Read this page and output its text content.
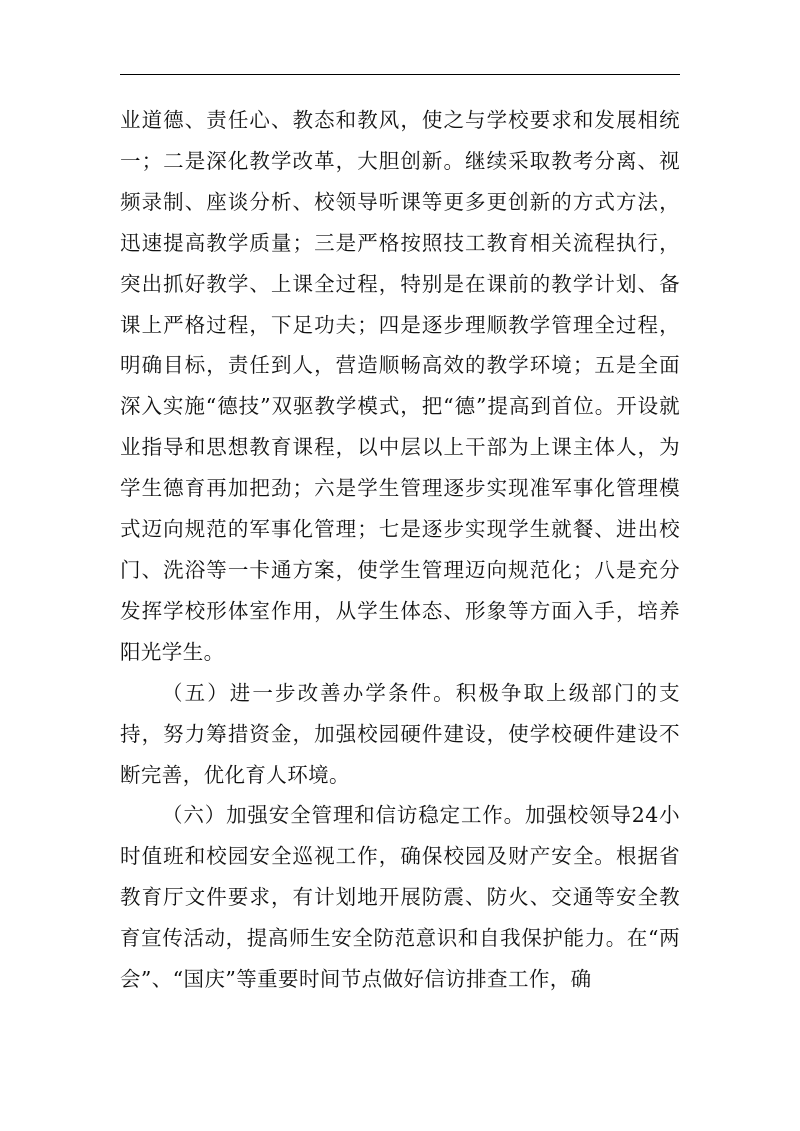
业道德、责任心、教态和教风，使之与学校要求和发展相统一；二是深化教学改革，大胆创新。继续采取教考分离、视频录制、座谈分析、校领导听课等更多更创新的方式方法，迅速提高教学质量；三是严格按照技工教育相关流程执行，突出抓好教学、上课全过程，特别是在课前的教学计划、备课上严格过程，下足功夫；四是逐步理顺教学管理全过程，明确目标，责任到人，营造顺畅高效的教学环境；五是全面深入实施“德技”双驱教学模式，把“德”提高到首位。开设就业指导和思想教育课程，以中层以上干部为上课主体人，为学生德育再加把劲；六是学生管理逐步实现准军事化管理模式迈向规范的军事化管理；七是逐步实现学生就餐、进出校门、洗浴等一卡通方案，使学生管理迈向规范化；八是充分发挥学校形体室作用，从学生体态、形象等方面入手，培养阳光学生。

（五）进一步改善办学条件。积极争取上级部门的支持，努力筹措资金，加强校园硬件建设，使学校硬件建设不断完善，优化育人环境。

（六）加强安全管理和信访稳定工作。加强校领导24小时值班和校园安全巡视工作，确保校园及财产安全。根据省教育厅文件要求，有计划地开展防震、防火、交通等安全教育宣传活动，提高师生安全防范意识和自我保护能力。在“两会”、“国庆”等重要时间节点做好信访排查工作，确
